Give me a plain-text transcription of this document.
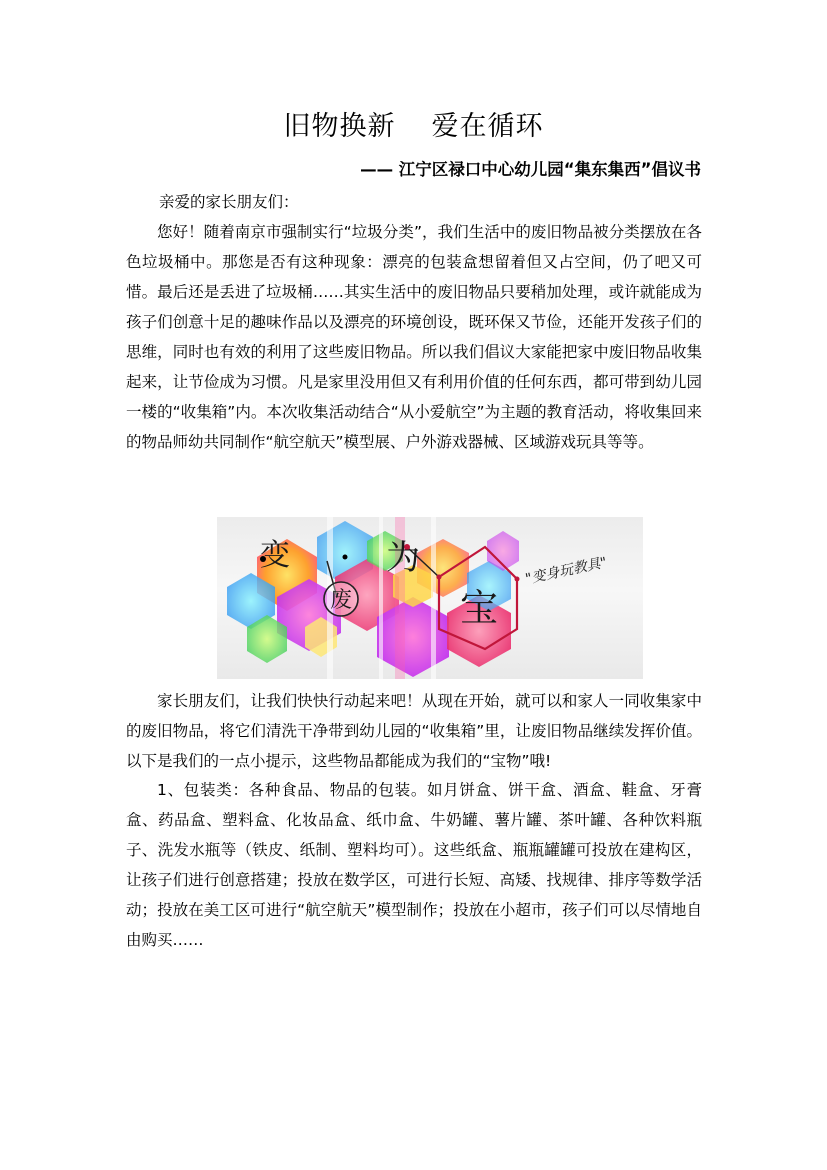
旧物换新 爱在循环
—— 江宁区禄口中心幼儿园“集东集西”倡议书
亲爱的家长朋友们：
您好！随着南京市强制实行“垃圾分类”，我们生活中的废旧物品被分类摆放在各色垃圾桶中。那您是否有这种现象：漂亮的包装盒想留着但又占空间，仍了吧又可惜。最后还是丢进了垃圾桶……其实生活中的废旧物品只要稍加处理，或许就能成为孩子们创意十足的趣味作品以及漂亮的环境创设，既环保又节俭，还能开发孩子们的思维，同时也有效的利用了这些废旧物品。所以我们倡议大家能把家中废旧物品收集起来，让节俭成为习惯。凡是家里没用但又有利用价值的任何东西，都可带到幼儿园一楼的“收集箱”内。本次收集活动结合“从小爱航空”为主题的教育活动，将收集回来的物品师幼共同制作“航空航天”模型展、户外游戏器械、区域游戏玩具等等。
变
废
为
宝
"变身玩教具"
家长朋友们，让我们快快行动起来吧！从现在开始，就可以和家人一同收集家中的废旧物品，将它们清洗干净带到幼儿园的“收集箱”里，让废旧物品继续发挥价值。以下是我们的一点小提示，这些物品都能成为我们的“宝物”哦!
1、包装类：各种食品、物品的包装。如月饼盒、饼干盒、酒盒、鞋盒、牙膏盒、药品盒、塑料盒、化妆品盒、纸巾盒、牛奶罐、薯片罐、茶叶罐、各种饮料瓶子、洗发水瓶等（铁皮、纸制、塑料均可）。这些纸盒、瓶瓶罐罐可投放在建构区，让孩子们进行创意搭建；投放在数学区，可进行长短、高矮、找规律、排序等数学活动；投放在美工区可进行“航空航天”模型制作；投放在小超市，孩子们可以尽情地自由购买……
